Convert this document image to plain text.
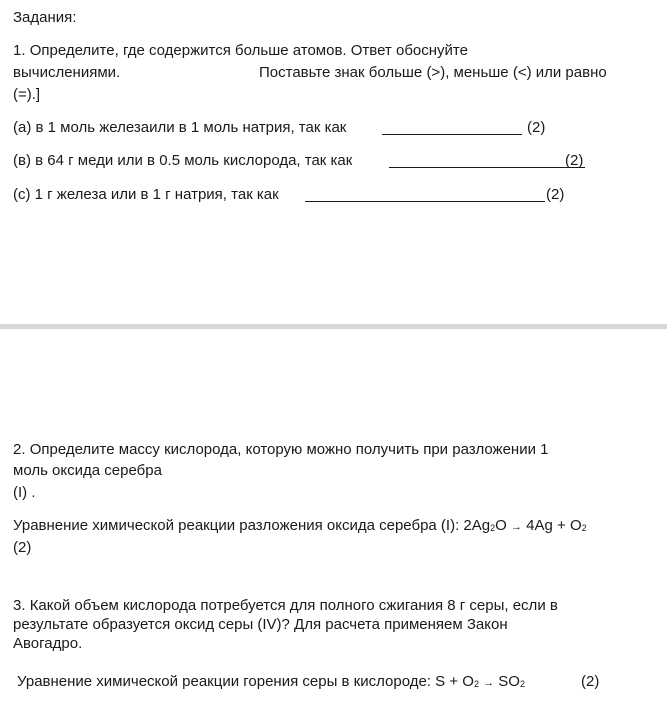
Задания:
1. Определите, где содержится больше атомов. Ответ обоснуйте
вычислениями.	Поставьте знак больше (>), меньше (<) или равно
(=).]
(а) в 1 моль железаили в 1 моль натрия, так как	(2)
(в) в 64 г меди или в 0.5 моль кислорода, так как	(2)
(с) 1 г железа или в 1 г натрия, так как	(2)
2. Определите массу кислорода, которую можно получить при разложении 1
моль оксида серебра
(I) .
Уравнение химической реакции разложения оксида серебра (I): 2Ag2O → 4Ag + O2
(2)
3. Какой объем кислорода потребуется для полного сжигания 8 г серы, если в
результате образуется оксид серы (IV)? Для расчета применяем Закон
Авогадро.
Уравнение химической реакции горения серы в кислороде: S + O2 → SO2	(2)
